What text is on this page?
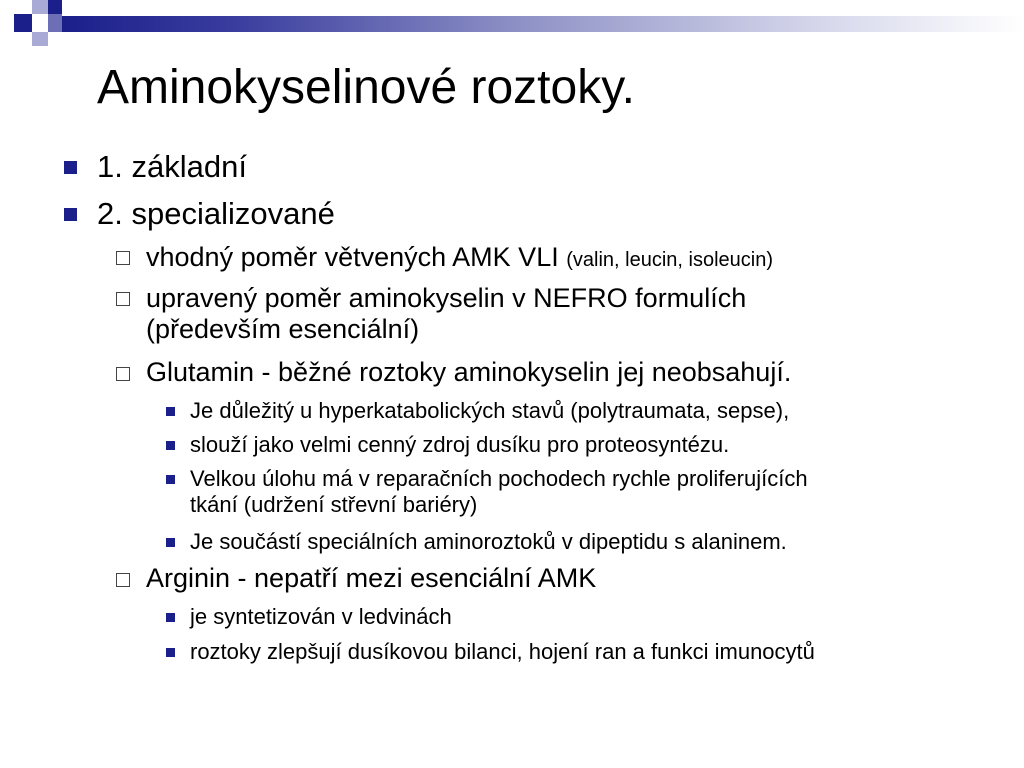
Aminokyselinové roztoky.
1. základní
2. specializované
vhodný poměr větvených AMK VLI (valin, leucin, isoleucin)
upravený poměr aminokyselin v NEFRO formulích
(především esenciální)
Glutamin - běžné roztoky aminokyselin jej neobsahují.
Je důležitý u hyperkatabolických stavů (polytraumata, sepse),
slouží jako velmi cenný zdroj dusíku pro proteosyntézu.
Velkou úlohu má v reparačních pochodech rychle proliferujících
tkání (udržení střevní bariéry)
Je součástí speciálních aminoroztoků v dipeptidu s alaninem.
Arginin - nepatří mezi esenciální AMK
je syntetizován v ledvinách
roztoky zlepšují dusíkovou bilanci, hojení ran a funkci imunocytů
